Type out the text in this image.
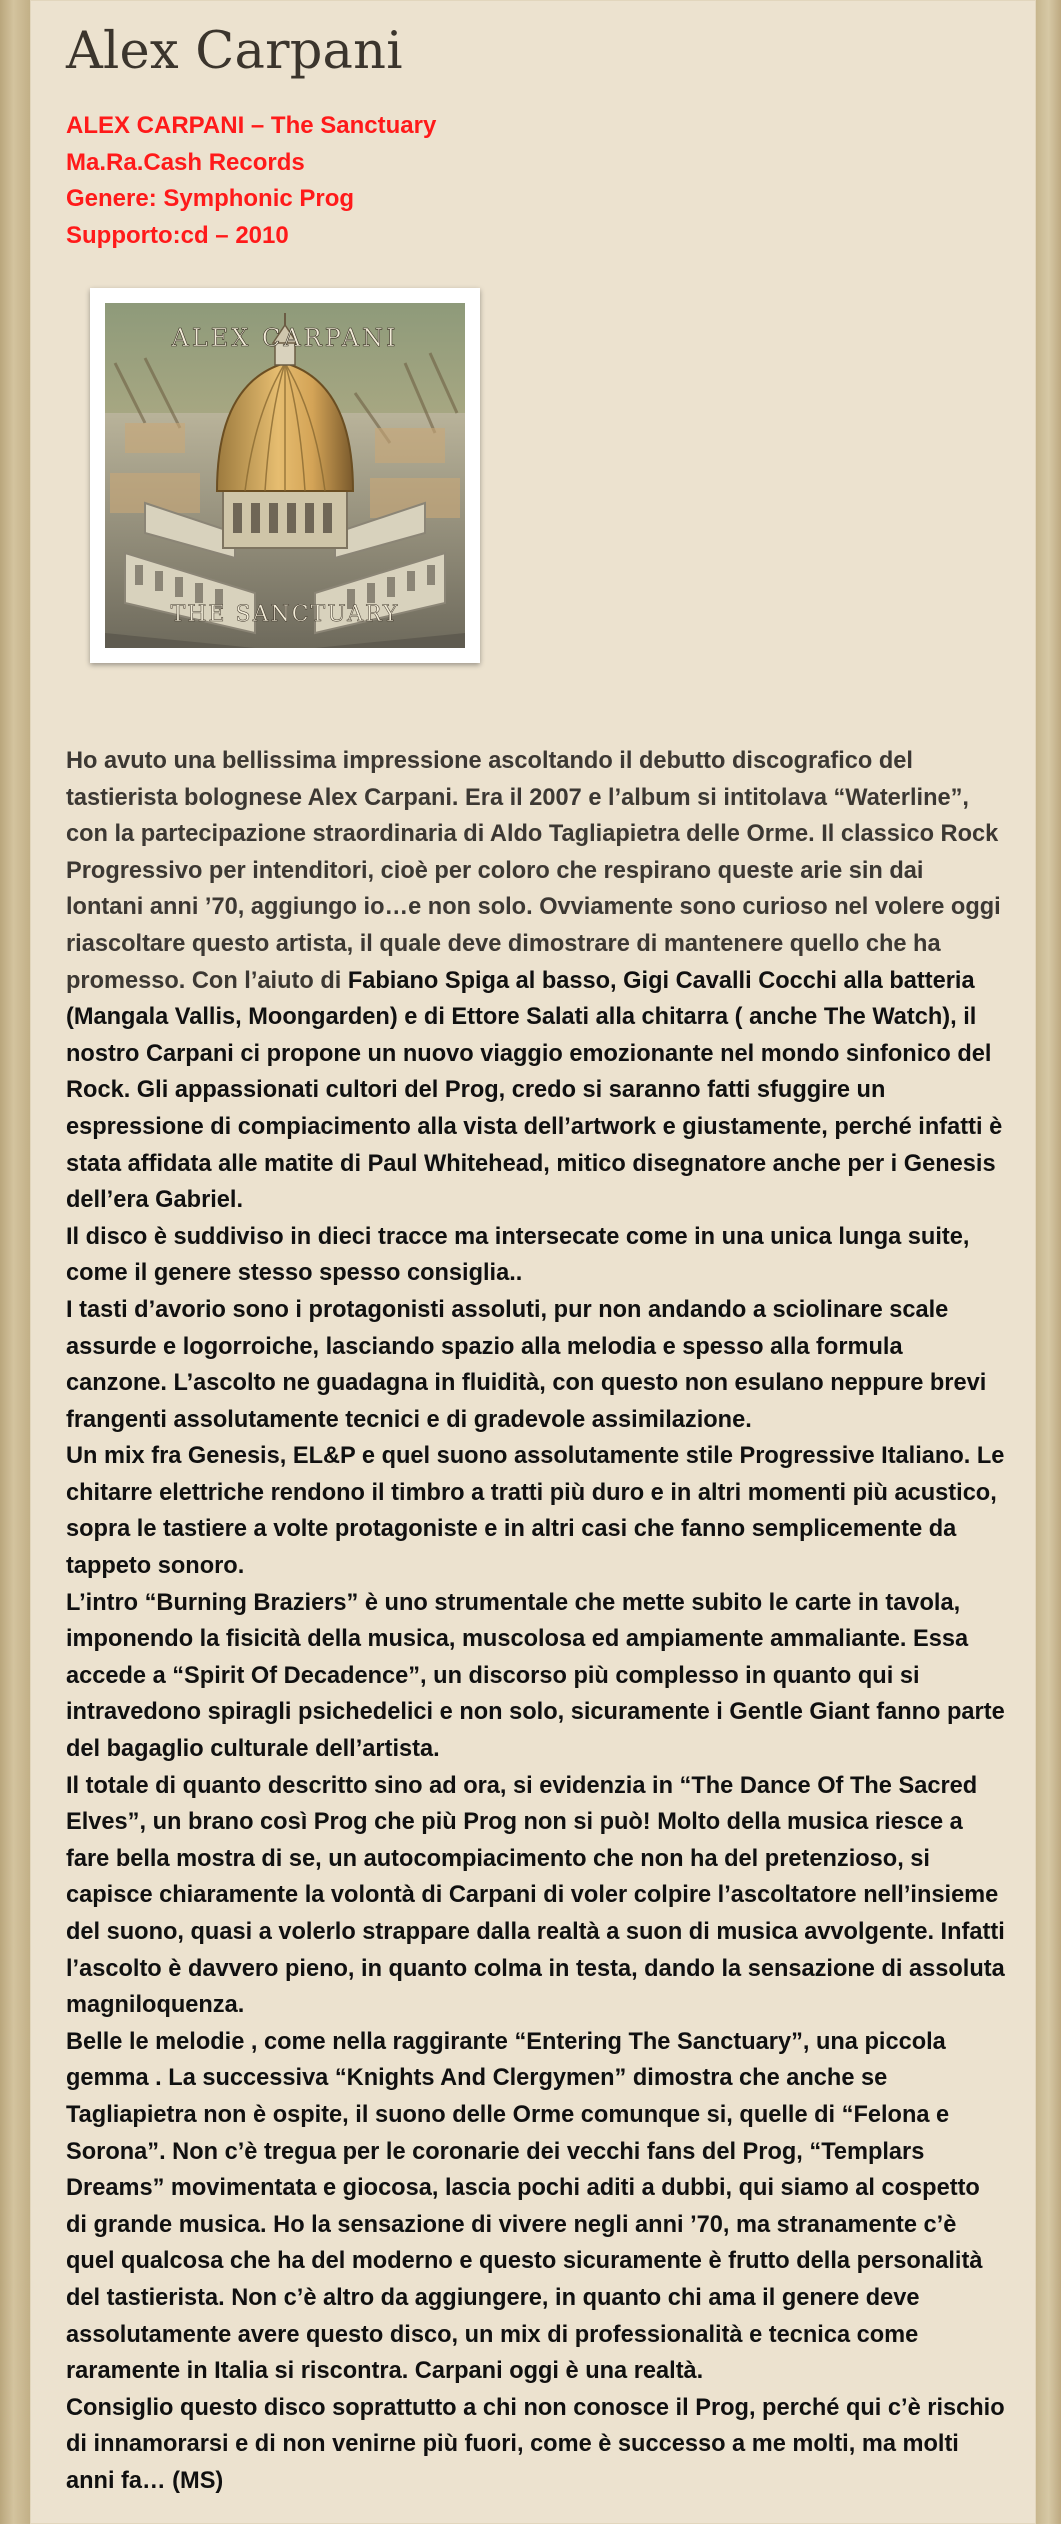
Alex Carpani
ALEX CARPANI – The Sanctuary
Ma.Ra.Cash Records
Genere: Symphonic Prog
Supporto:cd – 2010
ALEX CARPANI
THE SANCTUARY

Ho avuto una bellissima impressione ascoltando il debutto discografico del tastierista bolognese Alex Carpani. Era il 2007 e l’album si intitolava “Waterline”, con la partecipazione straordinaria di Aldo Tagliapietra delle Orme. Il classico Rock Progressivo per intenditori, cioè per coloro che respirano queste arie sin dai lontani anni ’70, aggiungo io…e non solo. Ovviamente sono curioso nel volere oggi riascoltare questo artista, il quale deve dimostrare di mantenere quello che ha promesso. Con l’aiuto di Fabiano Spiga al basso, Gigi Cavalli Cocchi alla batteria (Mangala Vallis, Moongarden) e di Ettore Salati alla chitarra ( anche The Watch), il nostro Carpani ci propone un nuovo viaggio emozionante nel mondo sinfonico del Rock. Gli appassionati cultori del Prog, credo si saranno fatti sfuggire un espressione di compiacimento alla vista dell’artwork e giustamente, perché infatti è stata affidata alle matite di Paul Whitehead, mitico disegnatore anche per i Genesis dell’era Gabriel.

Il disco è suddiviso in dieci tracce ma intersecate come in una unica lunga suite, come il genere stesso spesso consiglia..

I tasti d’avorio sono i protagonisti assoluti, pur non andando a sciolinare scale assurde e logorroiche, lasciando spazio alla melodia e spesso alla formula canzone. L’ascolto ne guadagna in fluidità, con questo non esulano neppure brevi frangenti assolutamente tecnici e di gradevole assimilazione.

Un mix fra Genesis, EL&P e quel suono assolutamente stile Progressive Italiano. Le chitarre elettriche rendono il timbro a tratti più duro e in altri momenti più acustico, sopra le tastiere a volte protagoniste e in altri casi che fanno semplicemente da tappeto sonoro.

L’intro “Burning Braziers” è uno strumentale che mette subito le carte in tavola, imponendo la fisicità della musica, muscolosa ed ampiamente ammaliante. Essa accede a “Spirit Of Decadence”, un discorso più complesso in quanto qui si intravedono spiragli psichedelici e non solo, sicuramente i Gentle Giant fanno parte del bagaglio culturale dell’artista.

Il totale di quanto descritto sino ad ora, si evidenzia in “The Dance Of The Sacred Elves”, un brano così Prog che più Prog non si può! Molto della musica riesce a fare bella mostra di se, un autocompiacimento che non ha del pretenzioso, si capisce chiaramente la volontà di Carpani di voler colpire l’ascoltatore nell’insieme del suono, quasi a volerlo strappare dalla realtà a suon di musica avvolgente. Infatti l’ascolto è davvero pieno, in quanto colma in testa, dando la sensazione di assoluta magniloquenza.

Belle le melodie , come nella raggirante “Entering The Sanctuary”, una piccola gemma . La successiva “Knights And Clergymen” dimostra che anche se Tagliapietra non è ospite, il suono delle Orme comunque si, quelle di “Felona e Sorona”. Non c’è tregua per le coronarie dei vecchi fans del Prog, “Templars Dreams” movimentata e giocosa, lascia pochi aditi a dubbi, qui siamo al cospetto di grande musica. Ho la sensazione di vivere negli anni ’70, ma stranamente c’è quel qualcosa che ha del moderno e questo sicuramente è frutto della personalità del tastierista. Non c’è altro da aggiungere, in quanto chi ama il genere deve assolutamente avere questo disco, un mix di professionalità e tecnica come raramente in Italia si riscontra. Carpani oggi è una realtà.

Consiglio questo disco soprattutto a chi non conosce il Prog, perché qui c’è rischio di innamorarsi e di non venirne più fuori, come è successo a me molti, ma molti anni fa… (MS)
